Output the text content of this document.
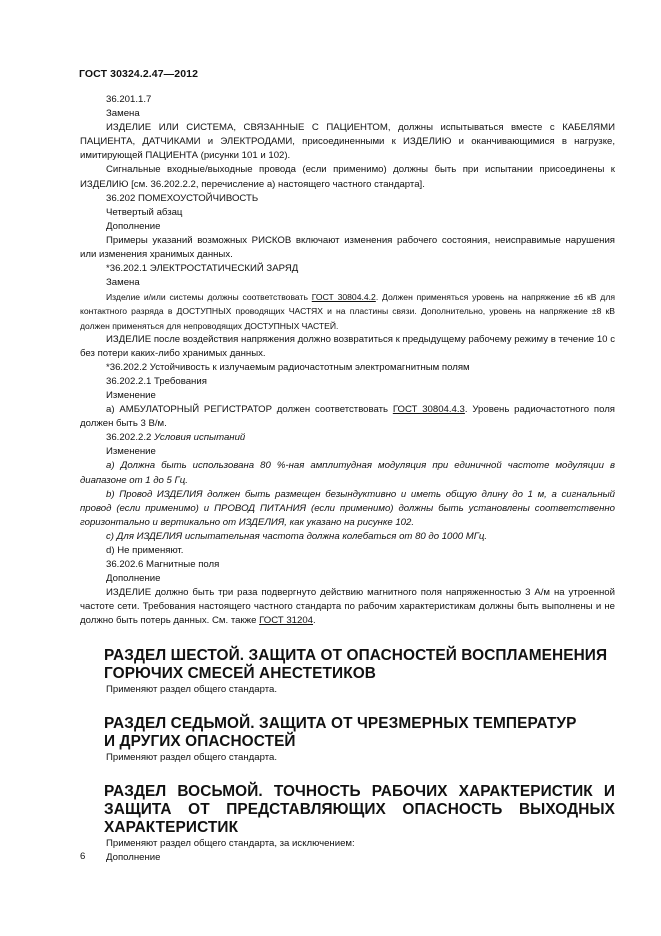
ГОСТ 30324.2.47—2012

36.201.1.7

Замена

ИЗДЕЛИЕ ИЛИ СИСТЕМА, СВЯЗАННЫЕ С ПАЦИЕНТОМ, должны испытываться вместе с КАБЕЛЯМИ ПАЦИЕНТА, ДАТЧИКАМИ и ЭЛЕКТРОДАМИ, присоединенными к ИЗДЕЛИЮ и оканчивающимися в нагрузке, имитирующей ПАЦИЕНТА (рисунки 101 и 102).

Сигнальные входные/выходные провода (если применимо) должны быть при испытании присоединены к ИЗДЕЛИЮ [см. 36.202.2.2, перечисление а) настоящего частного стандарта].

36.202 ПОМЕХОУСТОЙЧИВОСТЬ

Четвертый абзац

Дополнение

Примеры указаний возможных РИСКОВ включают изменения рабочего состояния, неисправимые нарушения или изменения хранимых данных.

*36.202.1 ЭЛЕКТРОСТАТИЧЕСКИЙ ЗАРЯД

Замена

Изделие и/или системы должны соответствовать ГОСТ 30804.4.2. Должен применяться уровень на напряжение ±6 кВ для контактного разряда в ДОСТУПНЫХ проводящих ЧАСТЯХ и на пластины связи. Дополнительно, уровень на напряжение ±8 кВ должен применяться для непроводящих ДОСТУПНЫХ ЧАСТЕЙ.

ИЗДЕЛИЕ после воздействия напряжения должно возвратиться к предыдущему рабочему режиму в течение 10 с без потери каких-либо хранимых данных.

*36.202.2 Устойчивость к излучаемым радиочастотным электромагнитным полям

36.202.2.1 Требования

Изменение

а) АМБУЛАТОРНЫЙ РЕГИСТРАТОР должен соответствовать ГОСТ 30804.4.3. Уровень радиочастотного поля должен быть 3 В/м.

36.202.2.2 Условия испытаний

Изменение

а) Должна быть использована 80 %-ная амплитудная модуляция при единичной частоте модуляции в диапазоне от 1 до 5 Гц.

b) Провод ИЗДЕЛИЯ должен быть размещен безындуктивно и иметь общую длину до 1 м, а сигнальный провод (если применимо) и ПРОВОД ПИТАНИЯ (если применимо) должны быть установлены соответственно горизонтально и вертикально от ИЗДЕЛИЯ, как указано на рисунке 102.

c) Для ИЗДЕЛИЯ испытательная частота должна колебаться от 80 до 1000 МГц.

d) Не применяют.

36.202.6 Магнитные поля

Дополнение

ИЗДЕЛИЕ должно быть три раза подвергнуто действию магнитного поля напряженностью 3 А/м на утроенной частоте сети. Требования настоящего частного стандарта по рабочим характеристикам должны быть выполнены и не должно быть потерь данных. См. также ГОСТ 31204.

РАЗДЕЛ ШЕСТОЙ. ЗАЩИТА ОТ ОПАСНОСТЕЙ ВОСПЛАМЕНЕНИЯ ГОРЮЧИХ СМЕСЕЙ АНЕСТЕТИКОВ

Применяют раздел общего стандарта.

РАЗДЕЛ СЕДЬМОЙ. ЗАЩИТА ОТ ЧРЕЗМЕРНЫХ ТЕМПЕРАТУР
И ДРУГИХ ОПАСНОСТЕЙ

Применяют раздел общего стандарта.

РАЗДЕЛ ВОСЬМОЙ. ТОЧНОСТЬ РАБОЧИХ ХАРАКТЕРИСТИК И ЗАЩИТА ОТ ПРЕДСТАВЛЯЮЩИХ ОПАСНОСТЬ ВЫХОДНЫХ ХАРАКТЕРИСТИК

Применяют раздел общего стандарта, за исключением:

Дополнение

6
